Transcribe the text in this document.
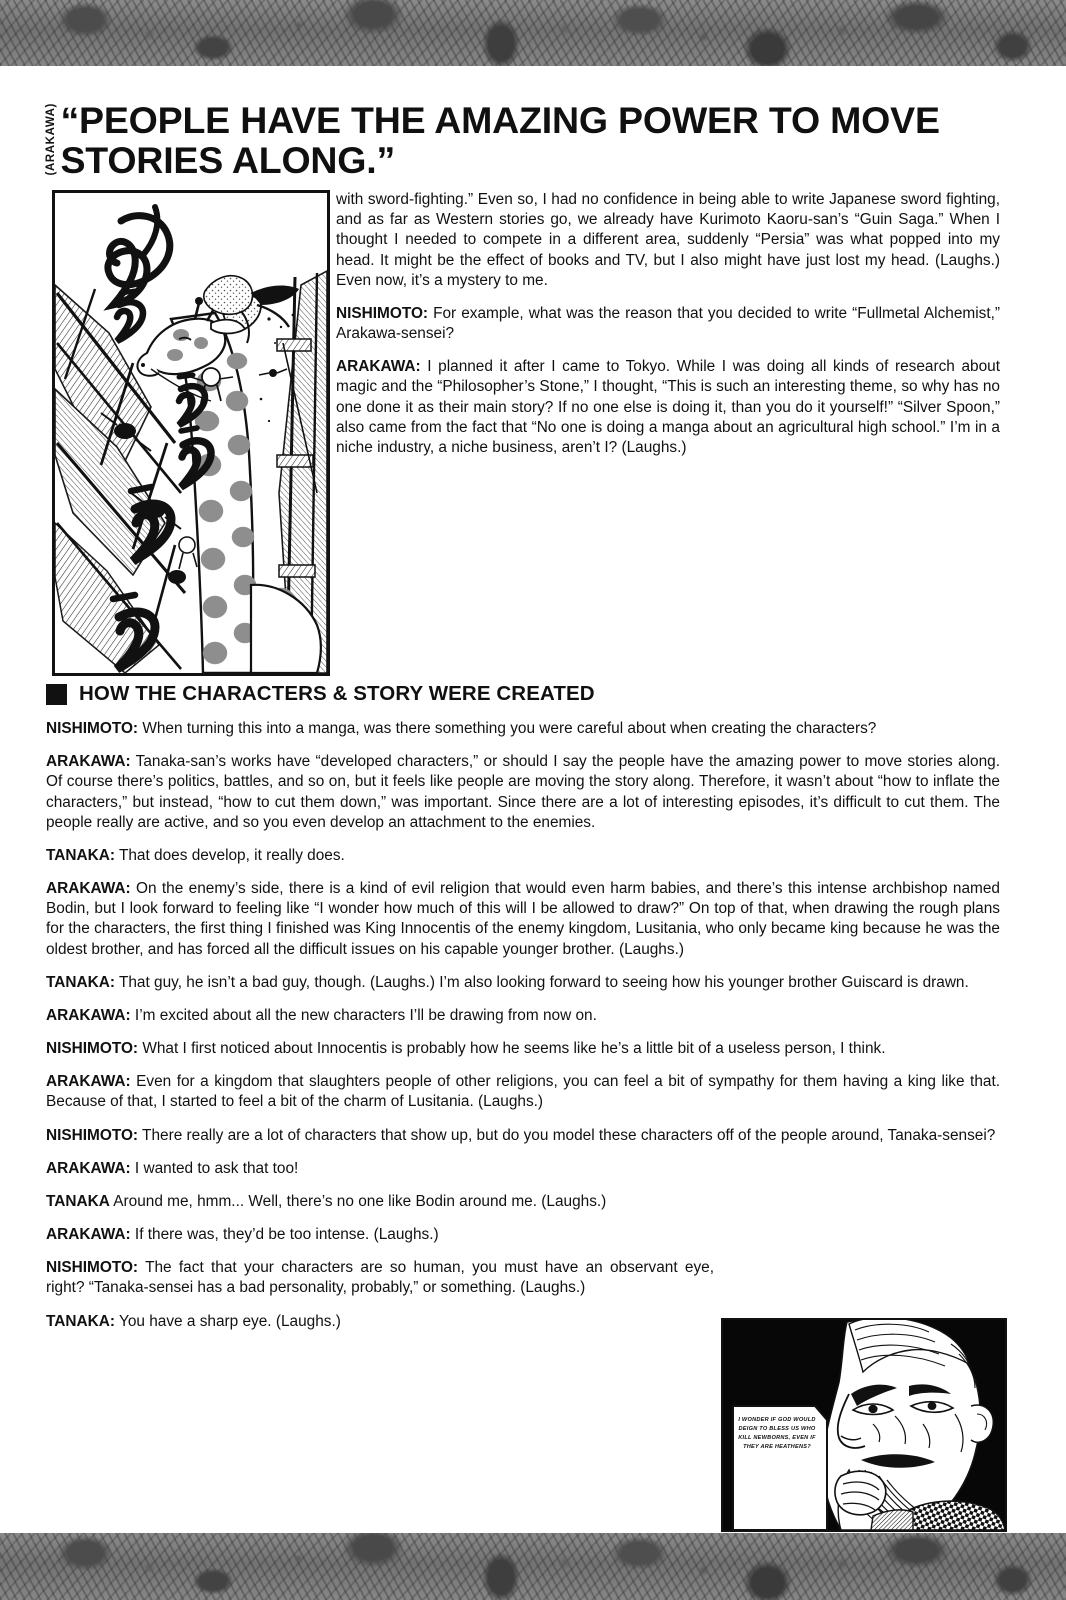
(ARAKAWA) “PEOPLE HAVE THE AMAZING POWER TO MOVE STORIES ALONG.”

with sword-fighting.” Even so, I had no confidence in being able to write Japanese sword fighting, and as far as Western stories go, we already have Kurimoto Kaoru-san’s “Guin Saga.” When I thought I needed to compete in a different area, suddenly “Persia” was what popped into my head. It might be the effect of books and TV, but I also might have just lost my head. (Laughs.) Even now, it’s a mystery to me.

NISHIMOTO: For example, what was the reason that you decided to write “Fullmetal Alchemist,” Arakawa-sensei?

ARAKAWA: I planned it after I came to Tokyo. While I was doing all kinds of research about magic and the “Philosopher’s Stone,” I thought, “This is such an interesting theme, so why has no one done it as their main story? If no one else is doing it, than you do it yourself!” “Silver Spoon,” also came from the fact that “No one is doing a manga about an agricultural high school.” I’m in a niche industry, a niche business, aren’t I? (Laughs.)

HOW THE CHARACTERS & STORY WERE CREATED

NISHIMOTO: When turning this into a manga, was there something you were careful about when creating the characters?

ARAKAWA: Tanaka-san’s works have “developed characters,” or should I say the people have the amazing power to move stories along. Of course there’s politics, battles, and so on, but it feels like people are moving the story along. Therefore, it wasn’t about “how to inflate the characters,” but instead, “how to cut them down,” was important. Since there are a lot of interesting episodes, it’s difficult to cut them. The people really are active, and so you even develop an attachment to the enemies.

TANAKA: That does develop, it really does.

ARAKAWA: On the enemy’s side, there is a kind of evil religion that would even harm babies, and there’s this intense archbishop named Bodin, but I look forward to feeling like “I wonder how much of this will I be allowed to draw?” On top of that, when drawing the rough plans for the characters, the first thing I finished was King Innocentis of the enemy kingdom, Lusitania, who only became king because he was the oldest brother, and has forced all the difficult issues on his capable younger brother. (Laughs.)

TANAKA: That guy, he isn’t a bad guy, though. (Laughs.) I’m also looking forward to seeing how his younger brother Guiscard is drawn.

ARAKAWA: I’m excited about all the new characters I’ll be drawing from now on.

NISHIMOTO: What I first noticed about Innocentis is probably how he seems like he’s a little bit of a useless person, I think.

ARAKAWA: Even for a kingdom that slaughters people of other religions, you can feel a bit of sympathy for them having a king like that. Because of that, I started to feel a bit of the charm of Lusitania. (Laughs.)

NISHIMOTO: There really are a lot of characters that show up, but do you model these characters off of the people around, Tanaka-sensei?

ARAKAWA: I wanted to ask that too!

TANAKA Around me, hmm... Well, there’s no one like Bodin around me. (Laughs.)

ARAKAWA: If there was, they’d be too intense. (Laughs.)

NISHIMOTO: The fact that your characters are so human, you must have an observant eye, right? “Tanaka-sensei has a bad personality, probably,” or something. (Laughs.)

TANAKA: You have a sharp eye. (Laughs.)

I WONDER IF GOD WOULD DEIGN TO BLESS US WHO KILL NEWBORNS, EVEN IF THEY ARE HEATHENS?
